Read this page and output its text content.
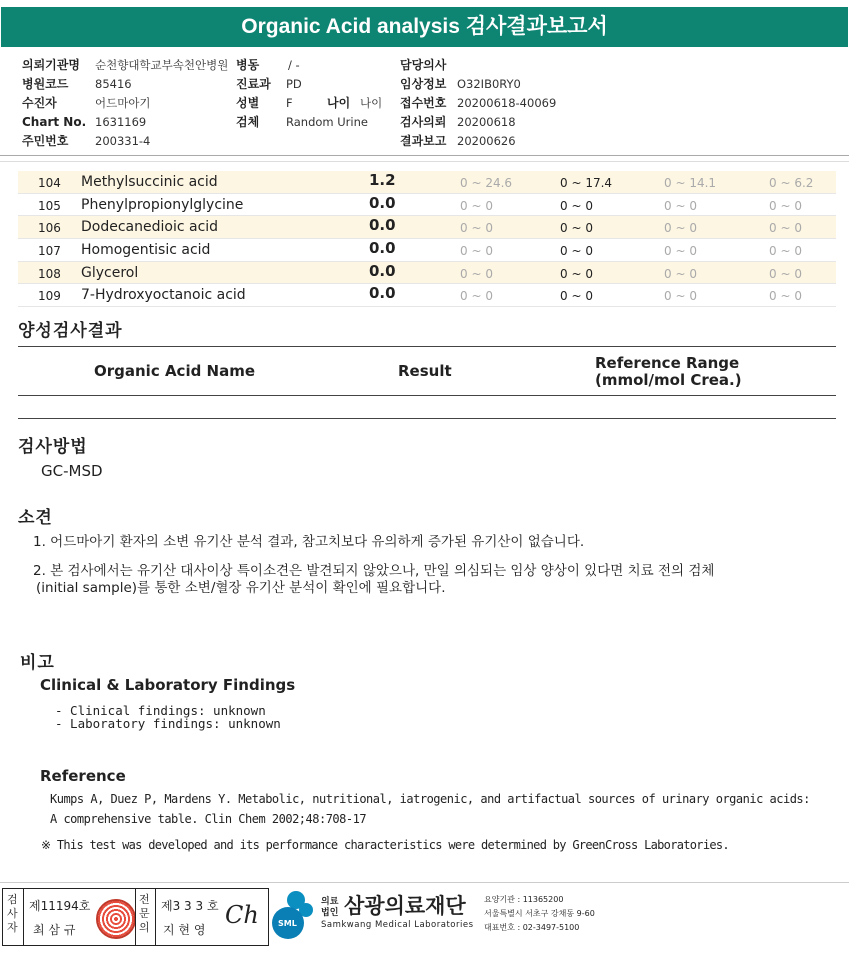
Organic Acid analysis 검사결과보고서
의뢰기관명 순천향대학교부속천안병원
병원코드 85416
수진자	어드마아기
Chart No. 1631169
주민번호 200331-4
병동	/ -
진료과 PD
성별 F	나이 나이
검체 Random Urine
담당의사
임상정보 O32IB0RY0
접수번호 20200618-40069
검사의뢰 20200618
결과보고 20200626
104 Methylsuccinic acid	1.2	0 ~ 24.6	0 ~ 17.4	0 ~ 14.1	0 ~ 6.2
105 Phenylpropionylglycine	0.0	0 ~ 0	0 ~ 0	0 ~ 0	0 ~ 0
106 Dodecanedioic acid	0.0	0 ~ 0	0 ~ 0	0 ~ 0	0 ~ 0
107 Homogentisic acid	0.0	0 ~ 0	0 ~ 0	0 ~ 0	0 ~ 0
108 Glycerol	0.0	0 ~ 0	0 ~ 0	0 ~ 0	0 ~ 0
109 7-Hydroxyoctanoic acid	0.0	0 ~ 0	0 ~ 0	0 ~ 0	0 ~ 0
양성검사결과
Organic Acid Name	Result	Reference Range
(mmol/mol Crea.)
검사방법
GC-MSD
소견
1. 어드마아기 환자의 소변 유기산 분석 결과, 참고치보다 유의하게 증가된 유기산이 없습니다.
2. 본 검사에서는 유기산 대사이상 특이소견은 발견되지 않았으나, 만일 의심되는 임상 양상이 있다면 치료 전의 검체
(initial sample)를 통한 소변/혈장 유기산 분석이 확인에 필요합니다.
비고
Clinical & Laboratory Findings
- Clinical findings: unknown
- Laboratory findings: unknown
Reference
Kumps A, Duez P, Mardens Y. Metabolic, nutritional, iatrogenic, and artifactual sources of urinary organic acids:
A comprehensive table. Clin Chem 2002;48:708-17
※ This test was developed and its performance characteristics were determined by GreenCross Laboratories.
검사자
제11194호
최 삼 규
전문의
제3 3 3 호
지 현 영
Ch SML
의료
법인 삼광의료재단
Samkwang Medical Laboratories
요양기관 : 11365200
서울특별시 서초구 강채동 9-60
대표번호 : 02-3497-5100
